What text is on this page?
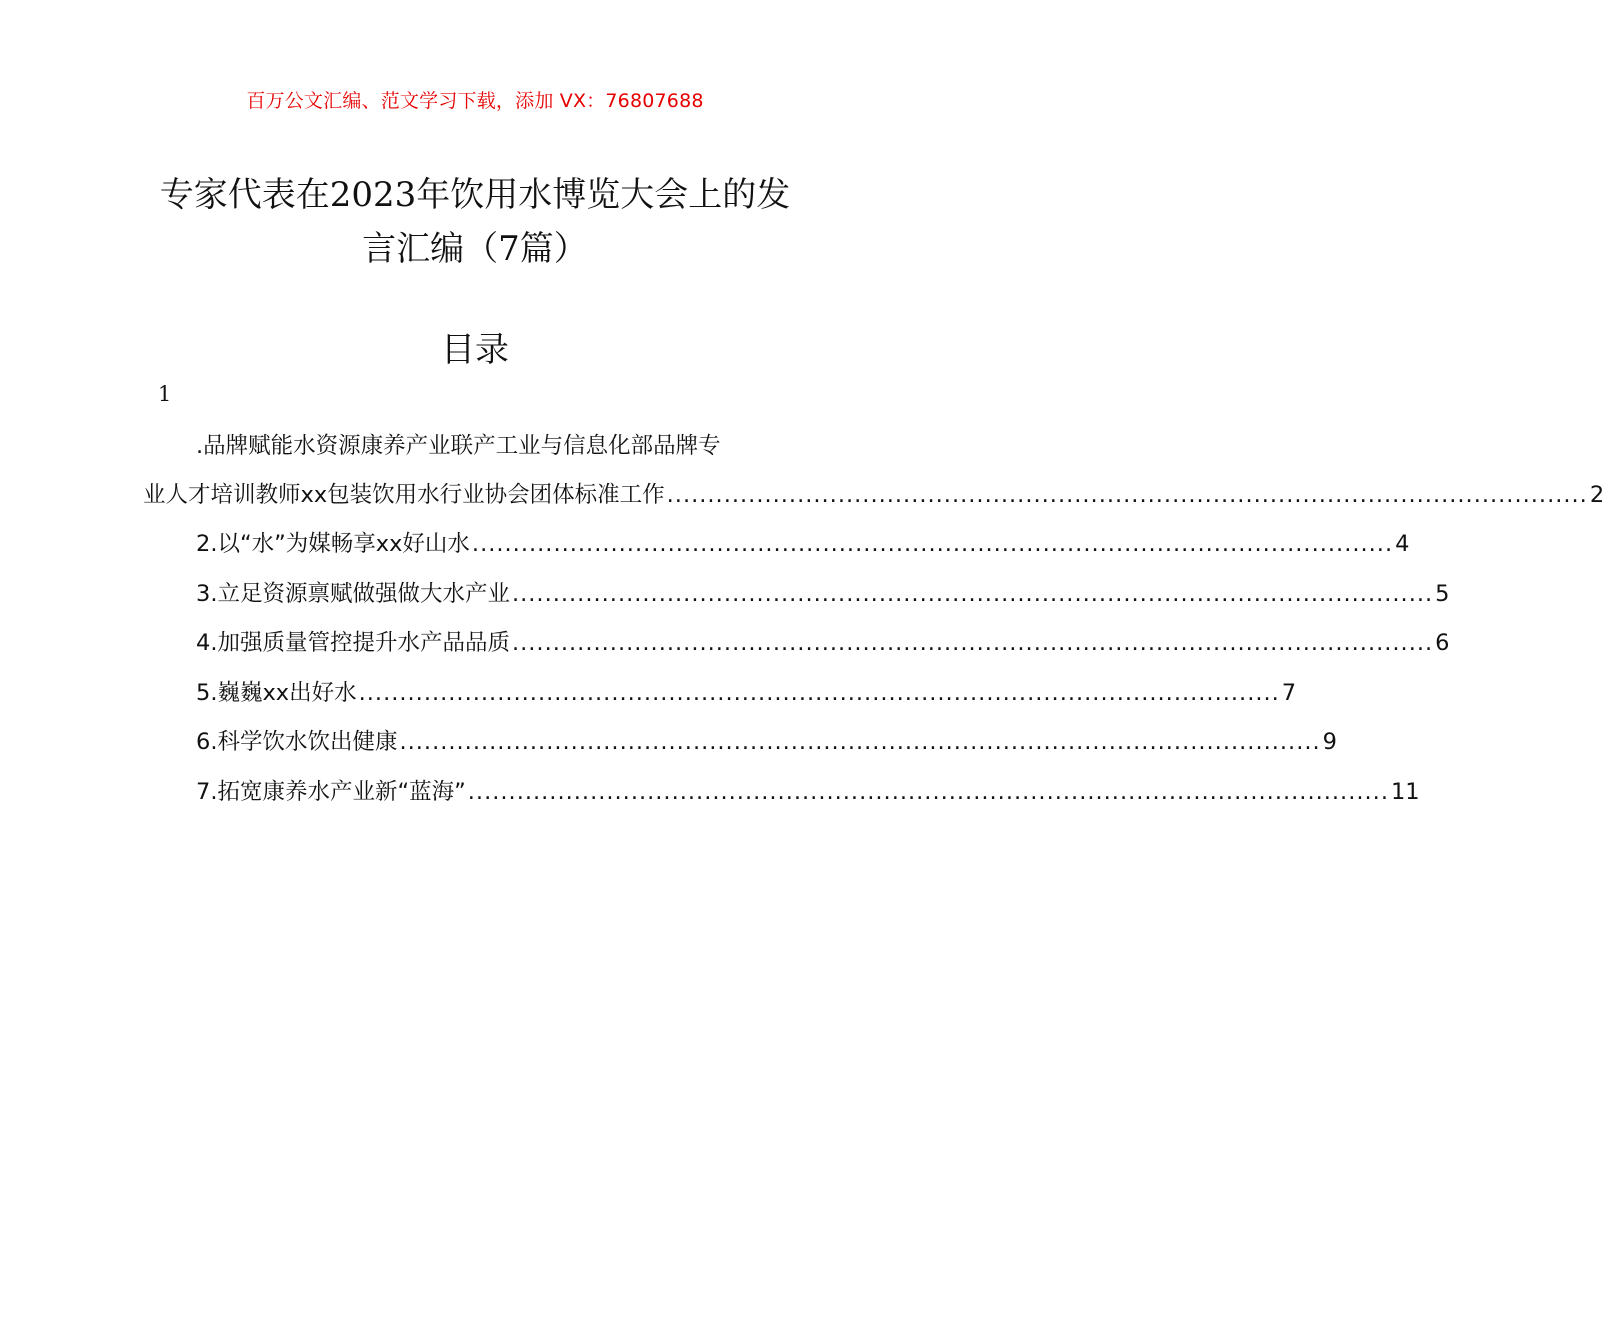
百万公文汇编、范文学习下载，添加 VX：76807688
专家代表在2023年饮用水博览大会上的发
言汇编（7篇）
目录
1
.品牌赋能水资源康养产业联产工业与信息化部品牌专
业人才培训教师xx包装饮用水行业协会团体标准工作 ................................................................................................................. 2
2.以“水”为媒畅享xx好山水 ................................................................................................................. 4
3.立足资源禀赋做强做大水产业 ................................................................................................................. 5
4.加强质量管控提升水产品品质 ................................................................................................................. 6
5.巍巍xx出好水 ................................................................................................................. 7
6.科学饮水饮出健康 ................................................................................................................. 9
7.拓宽康养水产业新“蓝海” ................................................................................................................. 11
